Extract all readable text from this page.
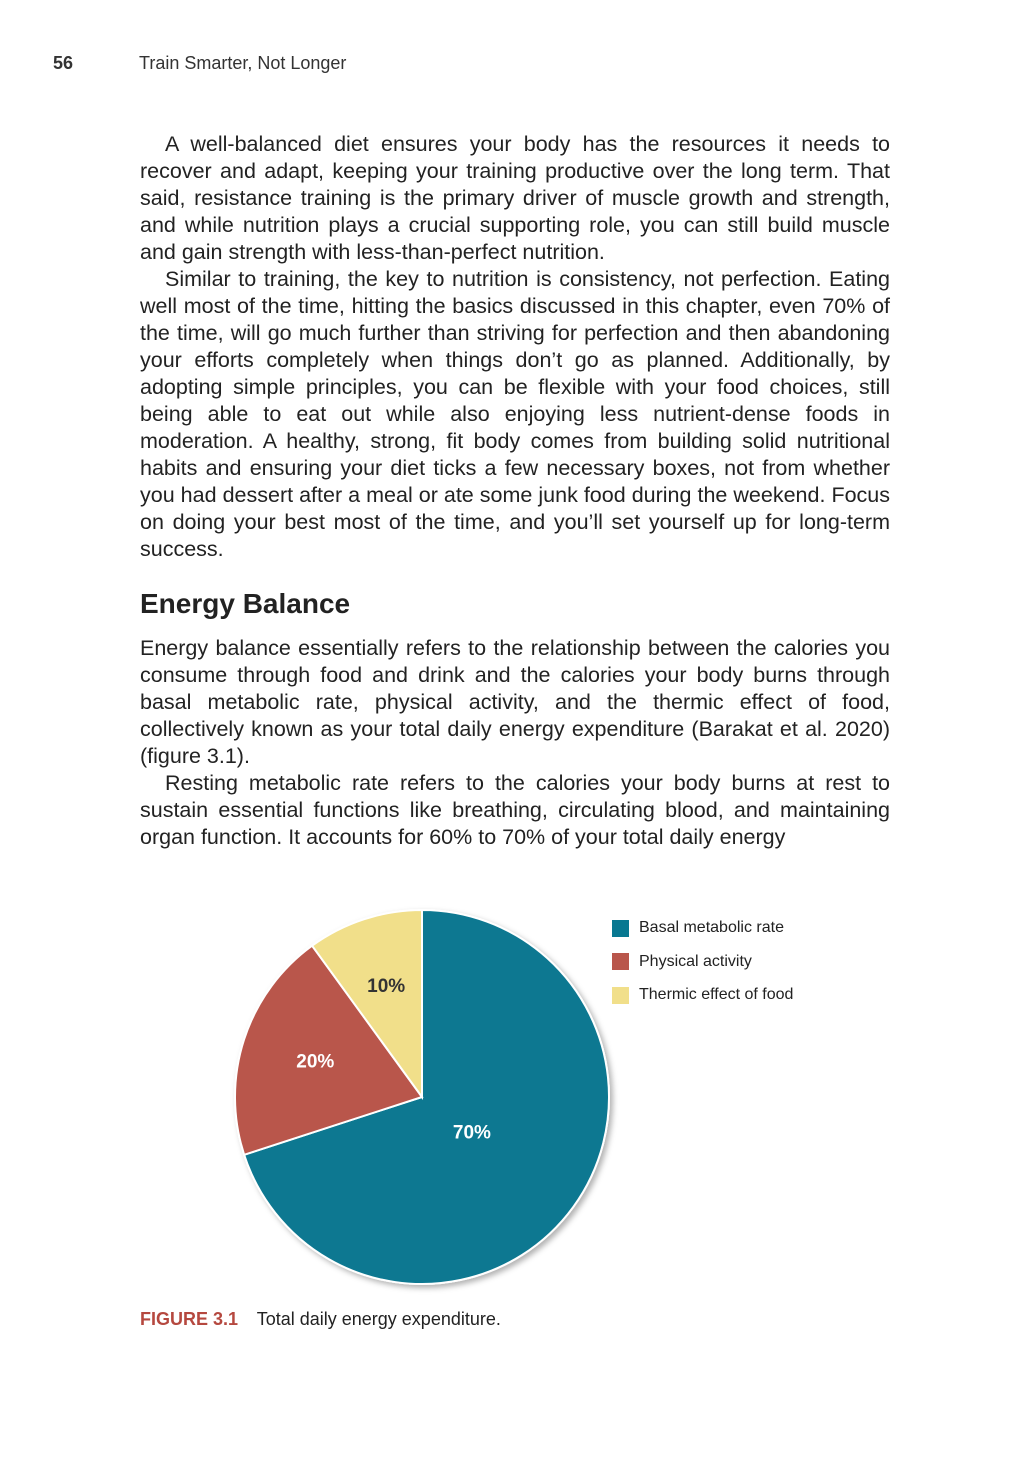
56	Train Smarter, Not Longer

A well-balanced diet ensures your body has the resources it needs to recover and adapt, keeping your training productive over the long term. That said, resistance training is the primary driver of muscle growth and strength, and while nutrition plays a crucial supporting role, you can still build muscle and gain strength with less-than-perfect nutrition.

Similar to training, the key to nutrition is consistency, not perfection. Eating well most of the time, hitting the basics discussed in this chapter, even 70% of the time, will go much further than striving for perfection and then abandoning your efforts completely when things don’t go as planned. Additionally, by adopting simple principles, you can be flexible with your food choices, still being able to eat out while also enjoying less nutrient-dense foods in moderation. A healthy, strong, fit body comes from building solid nutritional habits and ensuring your diet ticks a few necessary boxes, not from whether you had dessert after a meal or ate some junk food during the weekend. Focus on doing your best most of the time, and you’ll set yourself up for long-term success.

Energy Balance

Energy balance essentially refers to the relationship between the calories you consume through food and drink and the calories your body burns through basal metabolic rate, physical activity, and the thermic effect of food, collectively known as your total daily energy expenditure (Barakat et al. 2020) (figure 3.1).

Resting metabolic rate refers to the calories your body burns at rest to sustain essential functions like breathing, circulating blood, and maintaining organ function. It accounts for 60% to 70% of your total daily energy

70%
20%
10%
Basal metabolic rate
Physical activity
Thermic effect of food
FIGURE 3.1 Total daily energy expenditure.
